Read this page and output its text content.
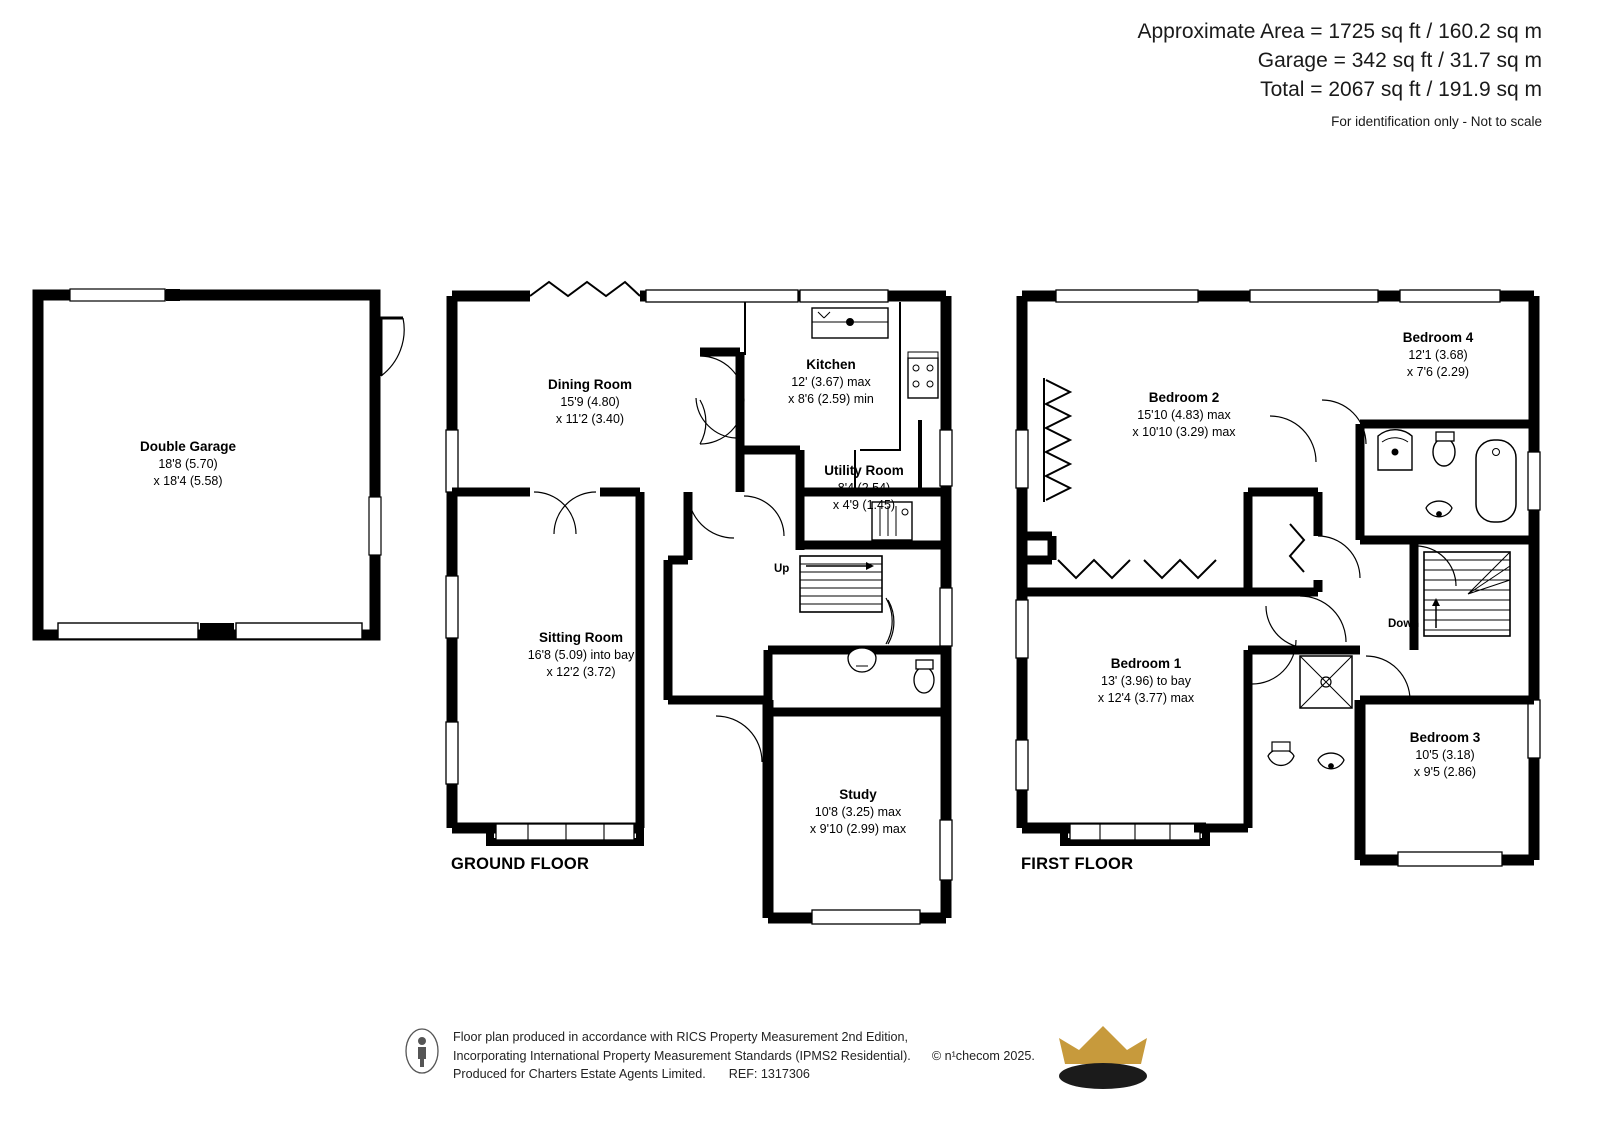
Approximate Area = 1725 sq ft / 160.2 sq m
Garage = 342 sq ft / 31.7 sq m
Total = 2067 sq ft / 191.9 sq m
For identification only - Not to scale
Double Garage
18'8 (5.70)
x 18'4 (5.58)
Dining Room
15'9 (4.80)
x 11'2 (3.40)
Kitchen
12' (3.67) max
x 8'6 (2.59) min
Utility Room
8'4 (2.54)
x 4'9 (1.45)
Sitting Room
16'8 (5.09) into bay
x 12'2 (3.72)
Study
10'8 (3.25) max
x 9'10 (2.99) max
Bedroom 2
15'10 (4.83) max
x 10'10 (3.29) max
Bedroom 4
12'1 (3.68)
x 7'6 (2.29)
Bedroom 1
13' (3.96) to bay
x 12'4 (3.77) max
Bedroom 3
10'5 (3.18)
x 9'5 (2.86)
Up
Down
GROUND FLOOR	FIRST FLOOR
Floor plan produced in accordance with RICS Property Measurement 2nd Edition,
Incorporating International Property Measurement Standards (IPMS2 Residential). © n¹checom 2025.
Produced for Charters Estate Agents Limited. REF: 1317306
